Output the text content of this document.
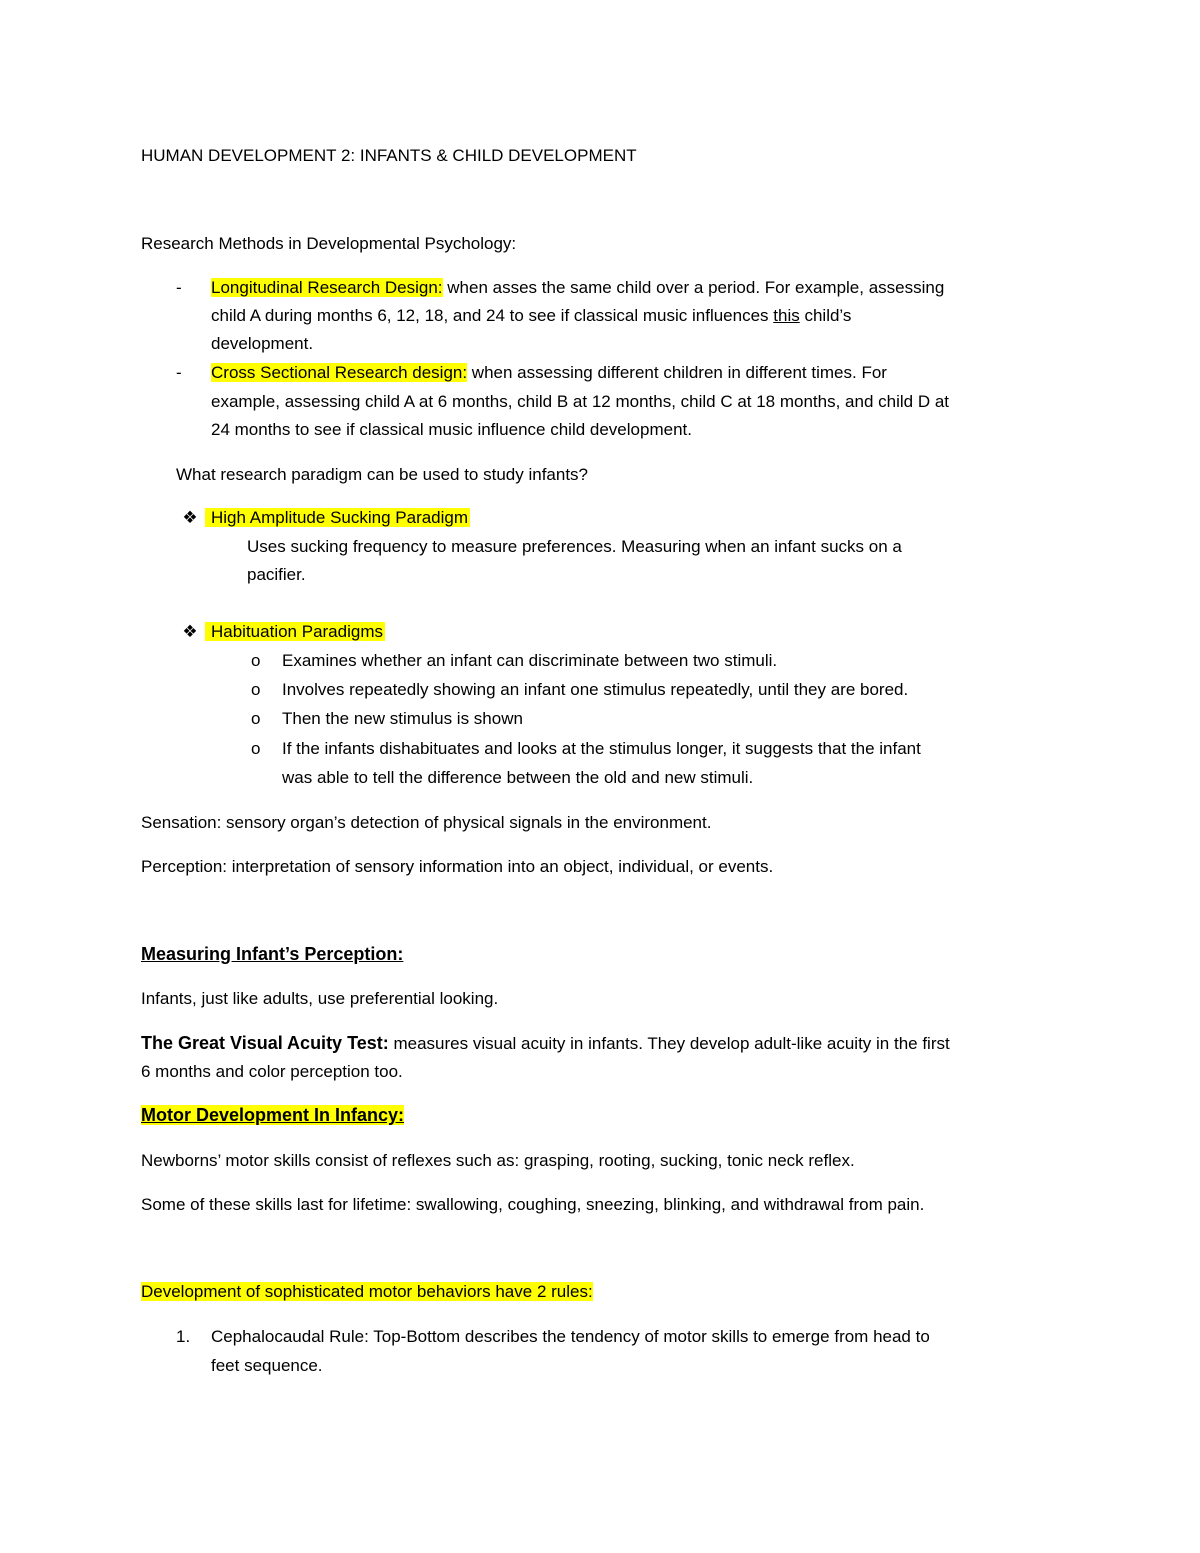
HUMAN DEVELOPMENT 2: INFANTS & CHILD DEVELOPMENT
Research Methods in Developmental Psychology:
- Longitudinal Research Design: when asses the same child over a period. For example, assessing
child A during months 6, 12, 18, and 24 to see if classical music influences this child’s
development.
- Cross Sectional Research design: when assessing different children in different times. For
example, assessing child A at 6 months, child B at 12 months, child C at 18 months, and child D at
24 months to see if classical music influence child development.
What research paradigm can be used to study infants?
❖ High Amplitude Sucking Paradigm
Uses sucking frequency to measure preferences. Measuring when an infant sucks on a
pacifier.
❖ Habituation Paradigms
o Examines whether an infant can discriminate between two stimuli.
o Involves repeatedly showing an infant one stimulus repeatedly, until they are bored.
o Then the new stimulus is shown
o If the infants dishabituates and looks at the stimulus longer, it suggests that the infant
was able to tell the difference between the old and new stimuli.
Sensation: sensory organ’s detection of physical signals in the environment.
Perception: interpretation of sensory information into an object, individual, or events.
Measuring Infant’s Perception:
Infants, just like adults, use preferential looking.
The Great Visual Acuity Test: measures visual acuity in infants. They develop adult-like acuity in the first
6 months and color perception too.
Motor Development In Infancy:
Newborns’ motor skills consist of reflexes such as: grasping, rooting, sucking, tonic neck reflex.
Some of these skills last for lifetime: swallowing, coughing, sneezing, blinking, and withdrawal from pain.
Development of sophisticated motor behaviors have 2 rules:
1. Cephalocaudal Rule: Top-Bottom describes the tendency of motor skills to emerge from head to
feet sequence.
